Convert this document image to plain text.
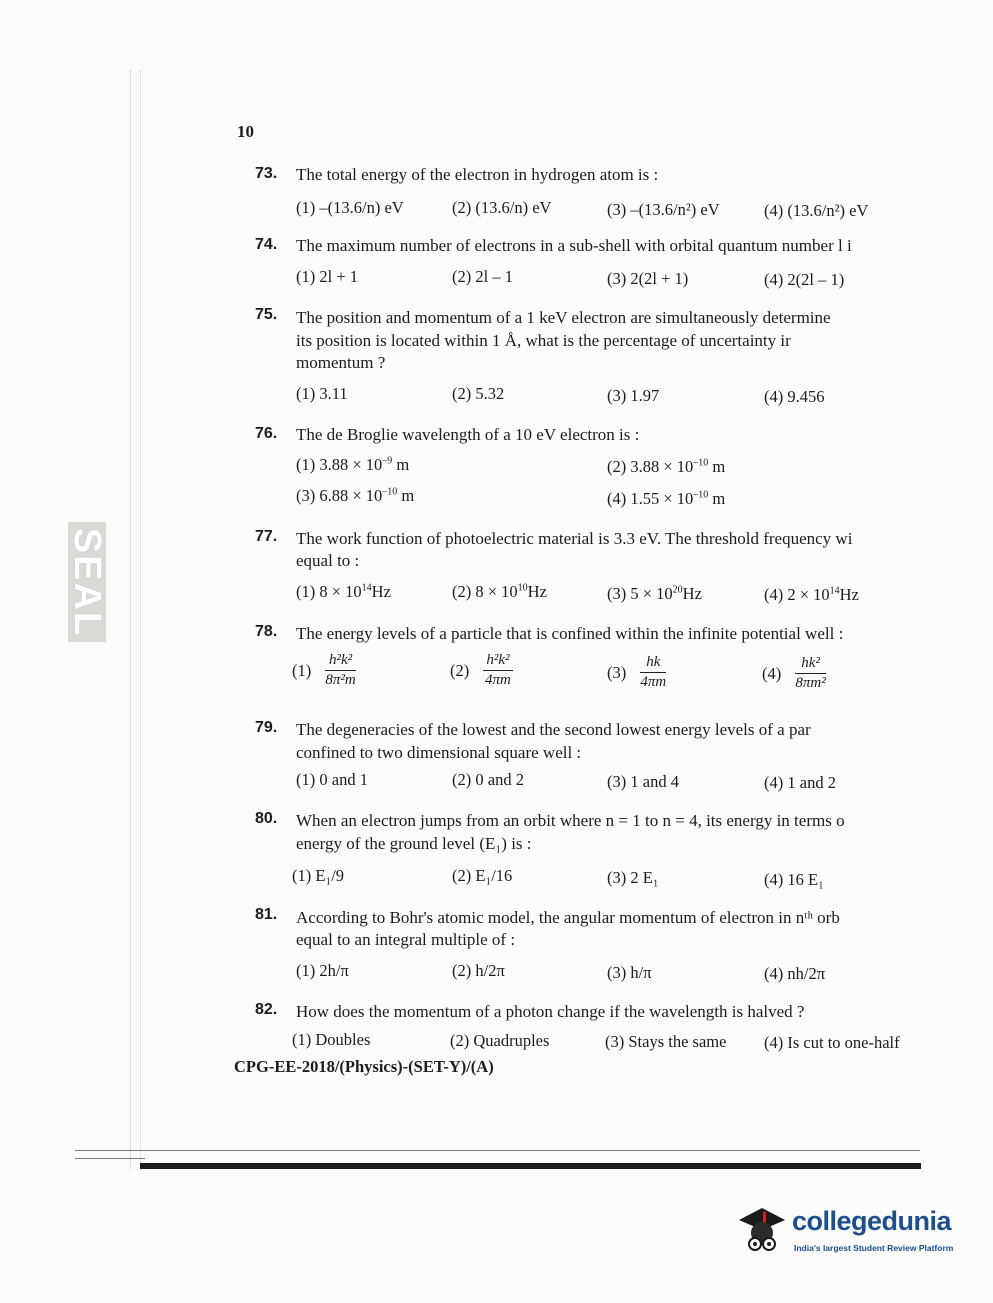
SEAL
10
73. The total energy of the electron in hydrogen atom is :
(1) –(13.6/n) eV	(2) (13.6/n) eV	(3) –(13.6/n²) eV	(4) (13.6/n²) eV
74. The maximum number of electrons in a sub-shell with orbital quantum number l i
(1) 2l + 1	(2) 2l – 1	(3) 2(2l + 1)	(4) 2(2l – 1)
75. The position and momentum of a 1 keV electron are simultaneously determine
its position is located within 1 Å, what is the percentage of uncertainty ir
momentum ?
(1) 3.11	(2) 5.32	(3) 1.97	(4) 9.456
76. The de Broglie wavelength of a 10 eV electron is :
(1) $3.88 \times 10^{-9}$ m	(2) $3.88 \times 10^{-10}$ m
(3) $6.88 \times 10^{-10}$ m	(4) $1.55 \times 10^{-10}$ m
77. The work function of photoelectric material is 3.3 eV. The threshold frequency wi
equal to :
(1) $8 \times 10^{14}Hz$	(2) $8 \times 10^{10}Hz$	(3) $5 \times 10^{20}Hz$	(4) $2 \times 10^{14}Hz$
78. The energy levels of a particle that is confined within the infinite potential well :
$(1) \frac{\text{h²k²}}{\text{8π²m}}$	$(2) \frac{\text{h²k²}}{4\pi m}$	$(3) \frac{hk}{4\pi m}$	$(4) \frac{\text{hk²}}{\text{8πm²}}$
79. The degeneracies of the lowest and the second lowest energy levels of a par
confined to two dimensional square well :
(1) 0 and 1	(2) 0 and 2	(3) 1 and 4	(4) 1 and 2
80. When an electron jumps from an orbit where n = 1 to n = 4, its energy in terms o
energy of the ground level (E₁) is :
(1) E₁/9	(2) E₁/16	(3) 2 E₁	(4) 16 E₁
81. According to Bohr's atomic model, the angular momentum of electron in nᵗʰ orb
equal to an integral multiple of :
(1) 2h/π	(2) h/2π	(3) h/π	(4) nh/2π
82. How does the momentum of a photon change if the wavelength is halved ?
(1) Doubles	(2) Quadruples	(3) Stays the same (4) Is cut to one-half
CPG-EE-2018/(Physics)-(SET-Y)/(A)
collegedunia
India's largest Student Review Platform
